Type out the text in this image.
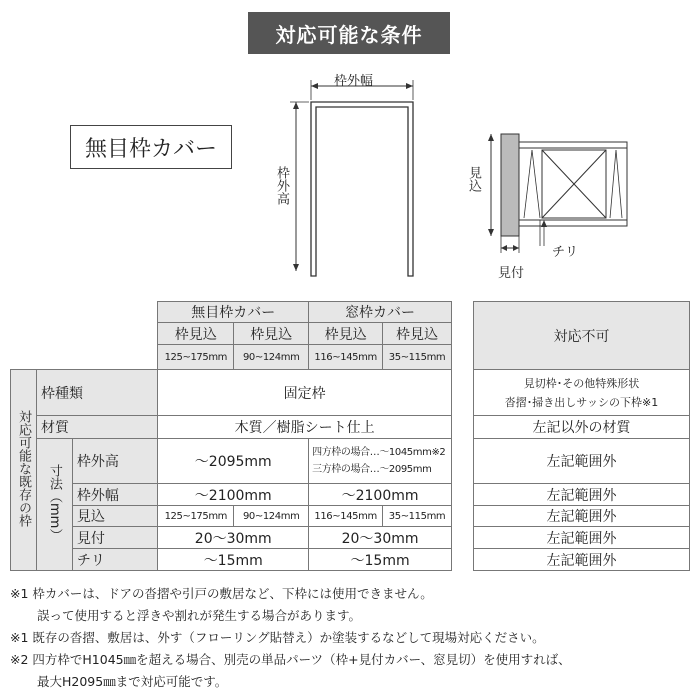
対応可能な条件
無目枠カバー
枠外幅
枠外高	見込
見付
チリ
			無目枠カバー		窓枠カバー	
			枠見込	枠見込	枠見込	枠見込
			125~175mm	90~124mm	116~145mm	35~115mm
対応可能な既存の枠	枠種類		固定枠			
	材質		木質／樹脂シート仕上			
	寸法（mm）	枠外高	～2095mm		四方枠の場合…～1045mm※2
三方枠の場合…～2095mm	

		枠外幅	～2100mm		～2100mm	
		見込	125~175mm	90~124mm	116~145mm	35~115mm
		見付	20～30mm		20～30mm	
		チリ	～15mm		～15mm	
対応不可

見切枠･その他特殊形状
沓摺･掃き出しサッシの下枠※1

左記以外の材質
左記範囲外
左記範囲外
左記範囲外
左記範囲外
左記範囲外
※1 枠カバーは、ドアの沓摺や引戸の敷居など、下枠には使用できません。
誤って使用すると浮きや割れが発生する場合があります。
※1 既存の沓摺、敷居は、外す（フローリング貼替え）か塗装するなどして現場対応ください。
※2 四方枠でH1045㎜を超える場合、別売の単品パーツ（枠+見付カバー、窓見切）を使用すれば、
最大H2095㎜まで対応可能です。
